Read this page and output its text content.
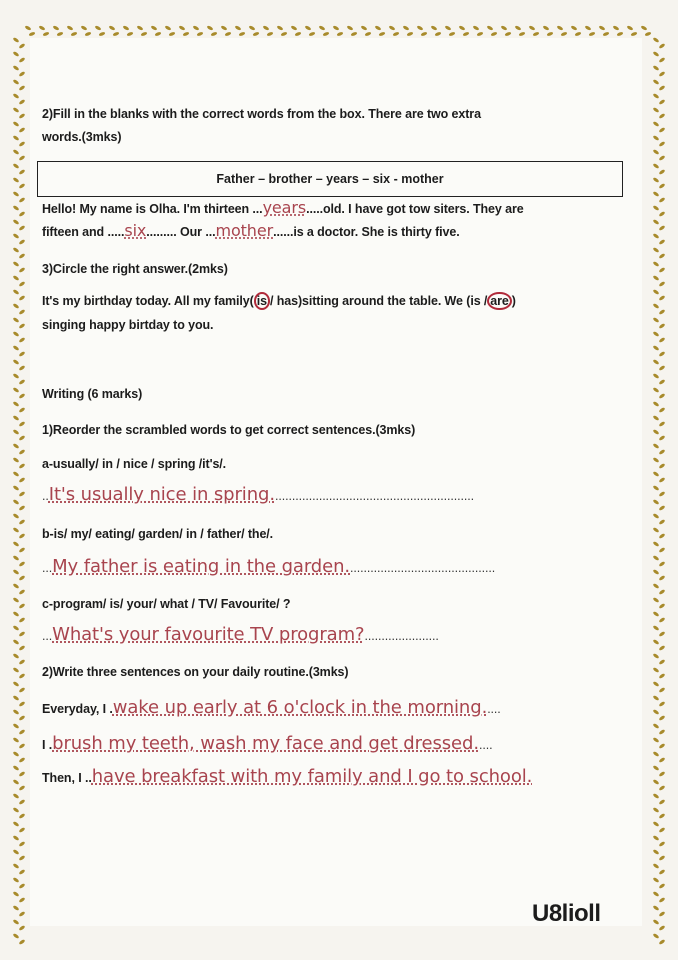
2)Fill in the blanks with the correct words from the box. There are two extra
words.(3mks)
Father – brother – years – six - mother
Hello! My name is Olha. I'm thirteen ...years.....old. I have got tow siters. They are
fifteen and .....six......... Our ...mother......is a doctor. She is thirty five.
3)Circle the right answer.(2mks)
It's my birthday today. All my family( is / has)sitting around the table. We (is / are )
singing happy birtday to you.
Writing (6 marks)
1)Reorder the scrambled words to get correct sentences.(3mks)
a-usually/ in / nice / spring /it's/.
..It's usually nice in spring............................................................
b-is/ my/ eating/ garden/ in / father/ the/.
...My father is eating in the garden............................................
c-program/ is/ your/ what / TV/ Favourite/ ?
...What's your favourite TV program?......................
2)Write three sentences on your daily routine.(3mks)
Everyday, I .wake up early at 6 o'clock in the morning.....
I .brush my teeth, wash my face and get dressed.....
Then, I ..have breakfast with my family and I go to school.
U8lioll
